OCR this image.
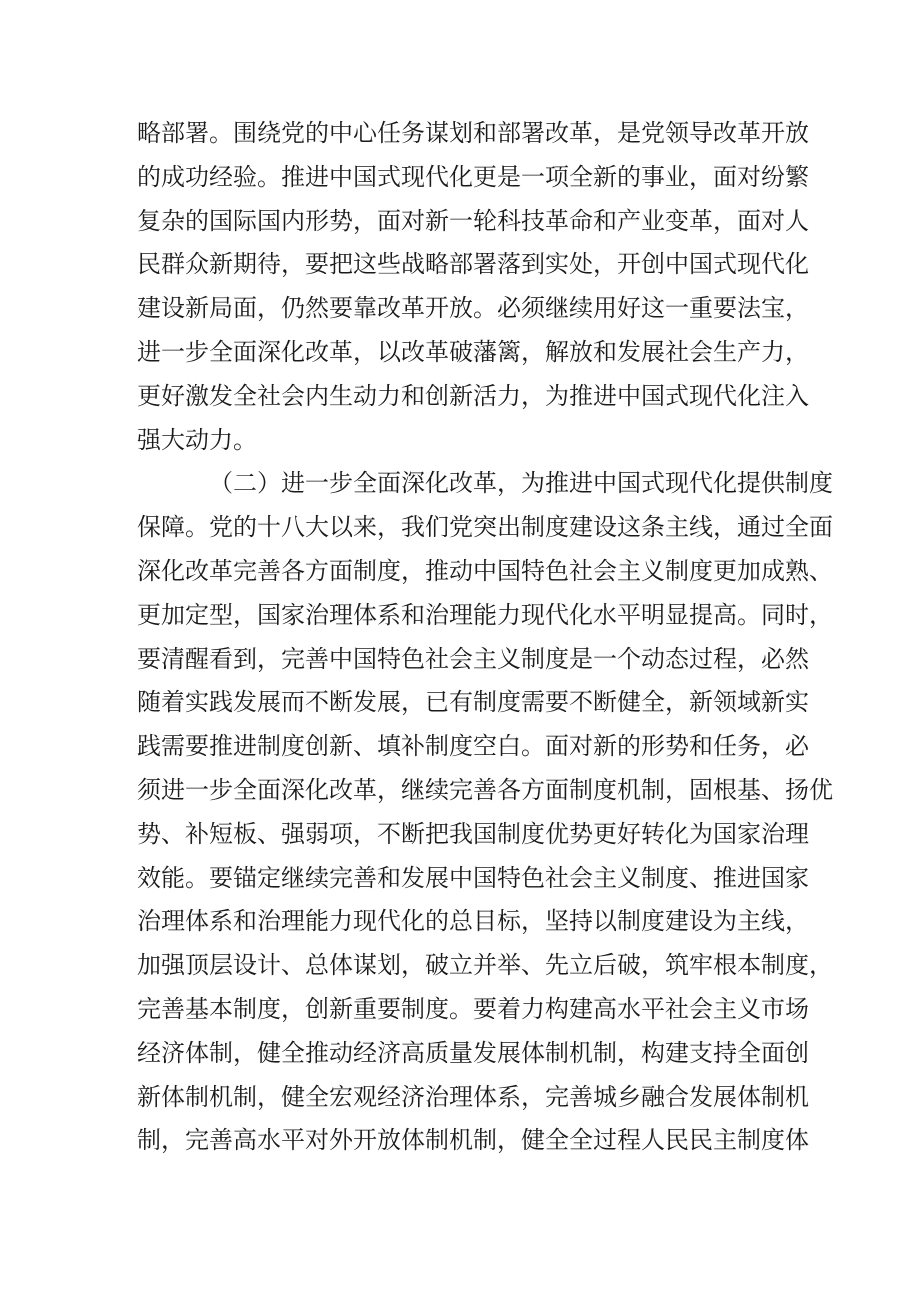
略部署。围绕党的中心任务谋划和部署改革，是党领导改革开放
的成功经验。推进中国式现代化更是一项全新的事业，面对纷繁
复杂的国际国内形势，面对新一轮科技革命和产业变革，面对人
民群众新期待，要把这些战略部署落到实处，开创中国式现代化
建设新局面，仍然要靠改革开放。必须继续用好这一重要法宝，
进一步全面深化改革，以改革破藩篱，解放和发展社会生产力，
更好激发全社会内生动力和创新活力，为推进中国式现代化注入
强大动力。
（二）进一步全面深化改革，为推进中国式现代化提供制度
保障。党的十八大以来，我们党突出制度建设这条主线，通过全面
深化改革完善各方面制度，推动中国特色社会主义制度更加成熟、
更加定型，国家治理体系和治理能力现代化水平明显提高。同时，
要清醒看到，完善中国特色社会主义制度是一个动态过程，必然
随着实践发展而不断发展，已有制度需要不断健全，新领域新实
践需要推进制度创新、填补制度空白。面对新的形势和任务，必
须进一步全面深化改革，继续完善各方面制度机制，固根基、扬优
势、补短板、强弱项，不断把我国制度优势更好转化为国家治理
效能。要锚定继续完善和发展中国特色社会主义制度、推进国家
治理体系和治理能力现代化的总目标，坚持以制度建设为主线，
加强顶层设计、总体谋划，破立并举、先立后破，筑牢根本制度，
完善基本制度，创新重要制度。要着力构建高水平社会主义市场
经济体制，健全推动经济高质量发展体制机制，构建支持全面创
新体制机制，健全宏观经济治理体系，完善城乡融合发展体制机
制，完善高水平对外开放体制机制，健全全过程人民民主制度体
